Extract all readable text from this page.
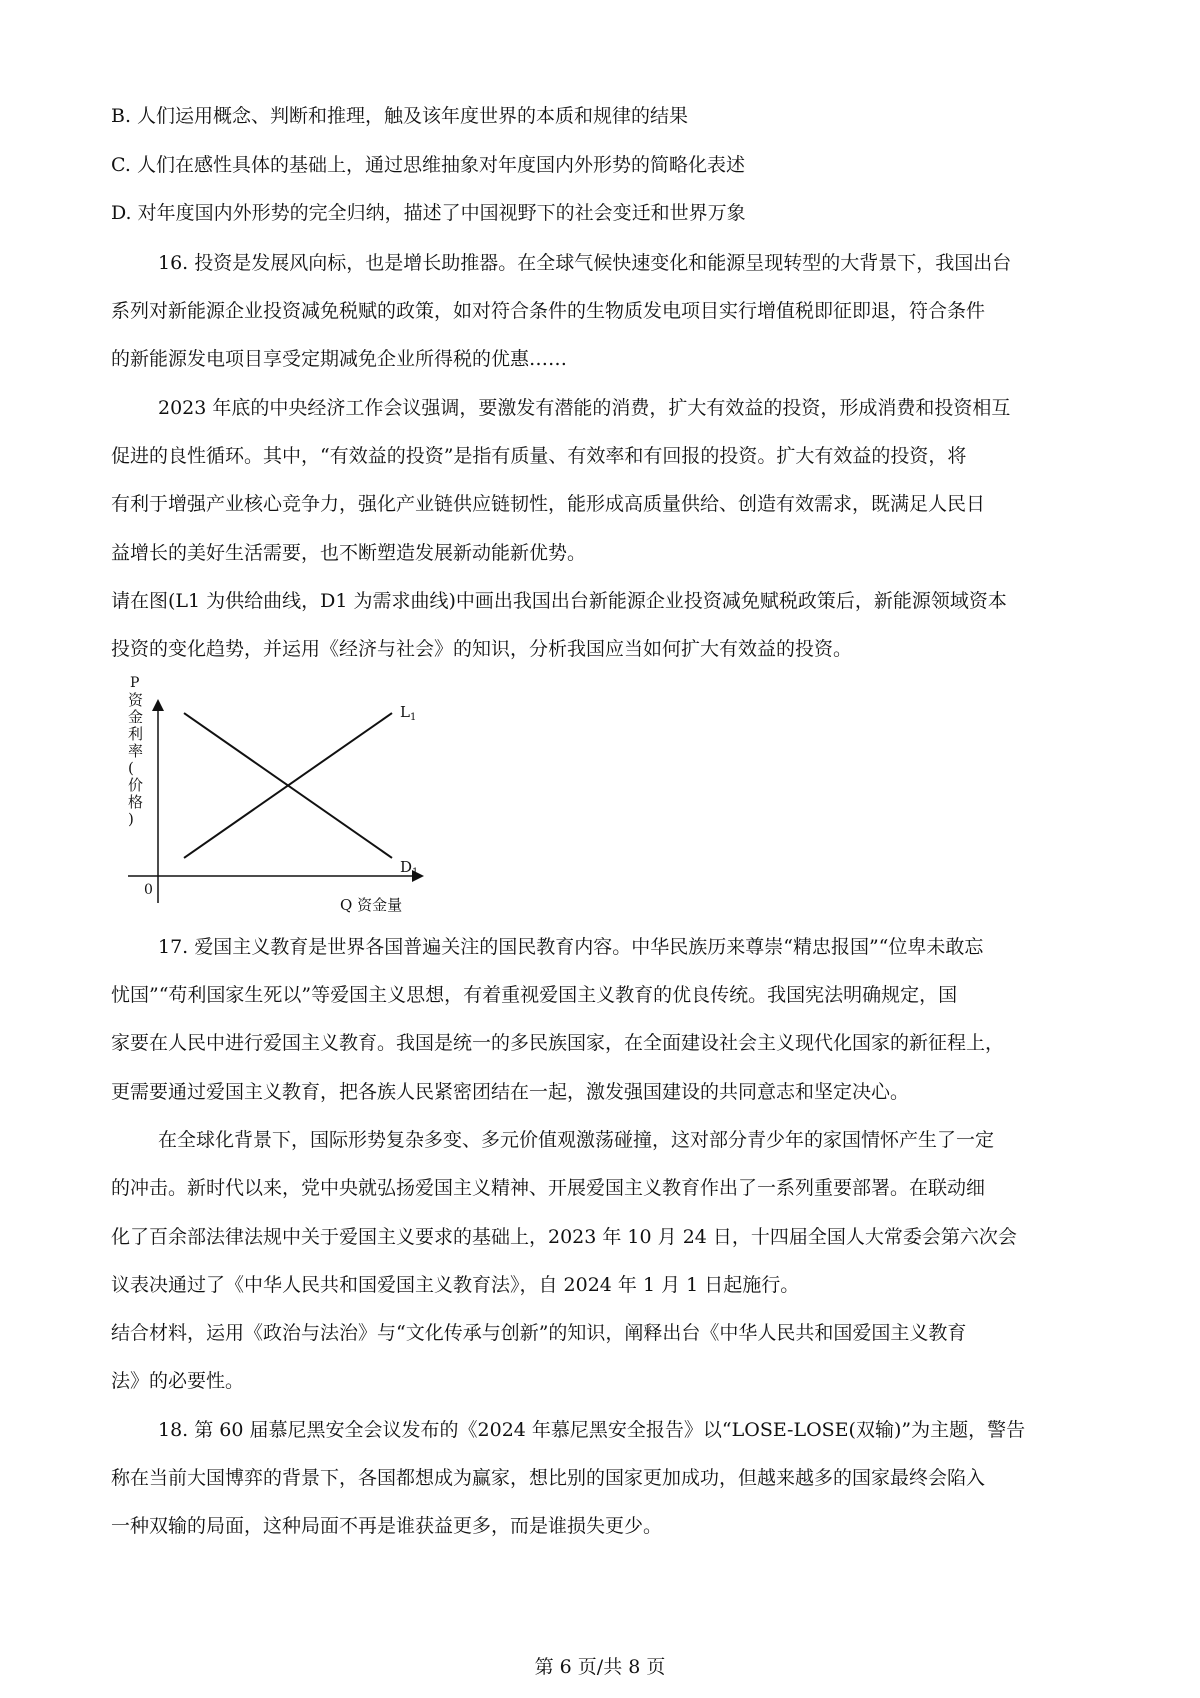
B. 人们运用概念、判断和推理，触及该年度世界的本质和规律的结果
C. 人们在感性具体的基础上，通过思维抽象对年度国内外形势的简略化表述
D. 对年度国内外形势的完全归纳，描述了中国视野下的社会变迁和世界万象
16. 投资是发展风向标，也是增长助推器。在全球气候快速变化和能源呈现转型的大背景下，我国出台
系列对新能源企业投资减免税赋的政策，如对符合条件的生物质发电项目实行增值税即征即退，符合条件
的新能源发电项目享受定期减免企业所得税的优惠……
2023 年底的中央经济工作会议强调，要激发有潜能的消费，扩大有效益的投资，形成消费和投资相互
促进的良性循环。其中，“有效益的投资”是指有质量、有效率和有回报的投资。扩大有效益的投资，将
有利于增强产业核心竞争力，强化产业链供应链韧性，能形成高质量供给、创造有效需求，既满足人民日
益增长的美好生活需要，也不断塑造发展新动能新优势。
请在图(L1 为供给曲线，D1 为需求曲线)中画出我国出台新能源企业投资减免赋税政策后，新能源领域资本
投资的变化趋势，并运用《经济与社会》的知识，分析我国应当如何扩大有效益的投资。
P
资
金
利
率
(
价
格
)
0
Q 资金量
$L_1$
$D_1$
17. 爱国主义教育是世界各国普遍关注的国民教育内容。中华民族历来尊崇“精忠报国”“位卑未敢忘
忧国”“苟利国家生死以”等爱国主义思想，有着重视爱国主义教育的优良传统。我国宪法明确规定，国
家要在人民中进行爱国主义教育。我国是统一的多民族国家，在全面建设社会主义现代化国家的新征程上，
更需要通过爱国主义教育，把各族人民紧密团结在一起，激发强国建设的共同意志和坚定决心。
在全球化背景下，国际形势复杂多变、多元价值观激荡碰撞，这对部分青少年的家国情怀产生了一定
的冲击。新时代以来，党中央就弘扬爱国主义精神、开展爱国主义教育作出了一系列重要部署。在联动细
化了百余部法律法规中关于爱国主义要求的基础上，2023 年 10 月 24 日，十四届全国人大常委会第六次会
议表决通过了《中华人民共和国爱国主义教育法》，自 2024 年 1 月 1 日起施行。
结合材料，运用《政治与法治》与“文化传承与创新”的知识，阐释出台《中华人民共和国爱国主义教育
法》的必要性。
18. 第 60 届慕尼黑安全会议发布的《2024 年慕尼黑安全报告》以“LOSE-LOSE(双输)”为主题，警告
称在当前大国博弈的背景下，各国都想成为赢家，想比别的国家更加成功，但越来越多的国家最终会陷入
一种双输的局面，这种局面不再是谁获益更多，而是谁损失更少。
第 6 页/共 8 页
